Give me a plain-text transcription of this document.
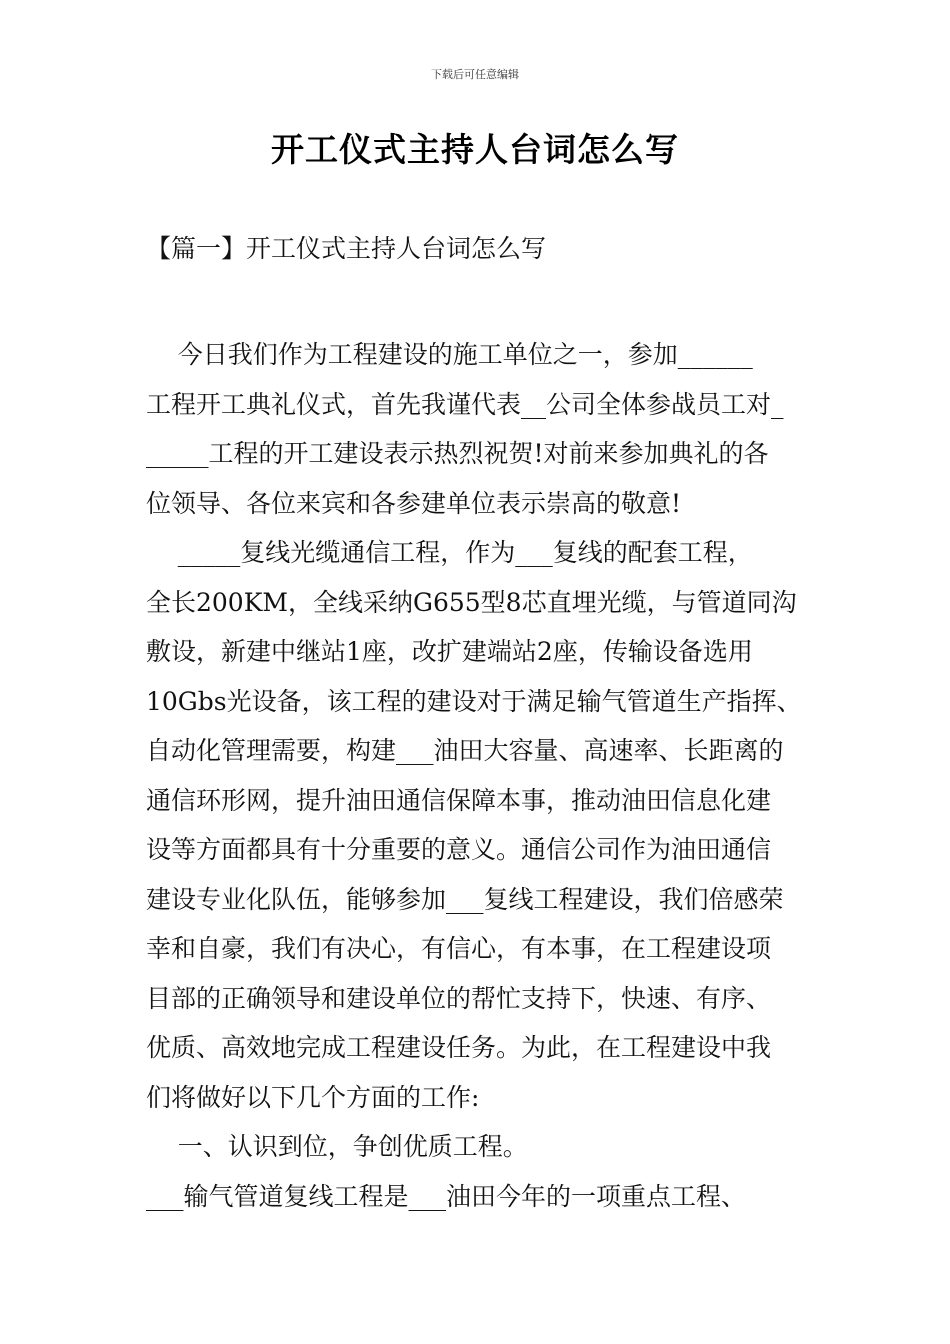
下载后可任意编辑
开工仪式主持人台词怎么写
【篇一】开工仪式主持人台词怎么写
今日我们作为工程建设的施工单位之一，参加______
工程开工典礼仪式，首先我谨代表__公司全体参战员工对_
_____工程的开工建设表示热烈祝贺!对前来参加典礼的各
位领导、各位来宾和各参建单位表示崇高的敬意!
_____复线光缆通信工程，作为___复线的配套工程，
全长200KM，全线采纳G655型8芯直埋光缆，与管道同沟
敷设，新建中继站1座，改扩建端站2座，传输设备选用
10Gbs光设备，该工程的建设对于满足输气管道生产指挥、
自动化管理需要，构建___油田大容量、高速率、长距离的
通信环形网，提升油田通信保障本事，推动油田信息化建
设等方面都具有十分重要的意义。通信公司作为油田通信
建设专业化队伍，能够参加___复线工程建设，我们倍感荣
幸和自豪，我们有决心，有信心，有本事，在工程建设项
目部的正确领导和建设单位的帮忙支持下，快速、有序、
优质、高效地完成工程建设任务。为此，在工程建设中我
们将做好以下几个方面的工作:
一、认识到位，争创优质工程。
___输气管道复线工程是___油田今年的一项重点工程、
